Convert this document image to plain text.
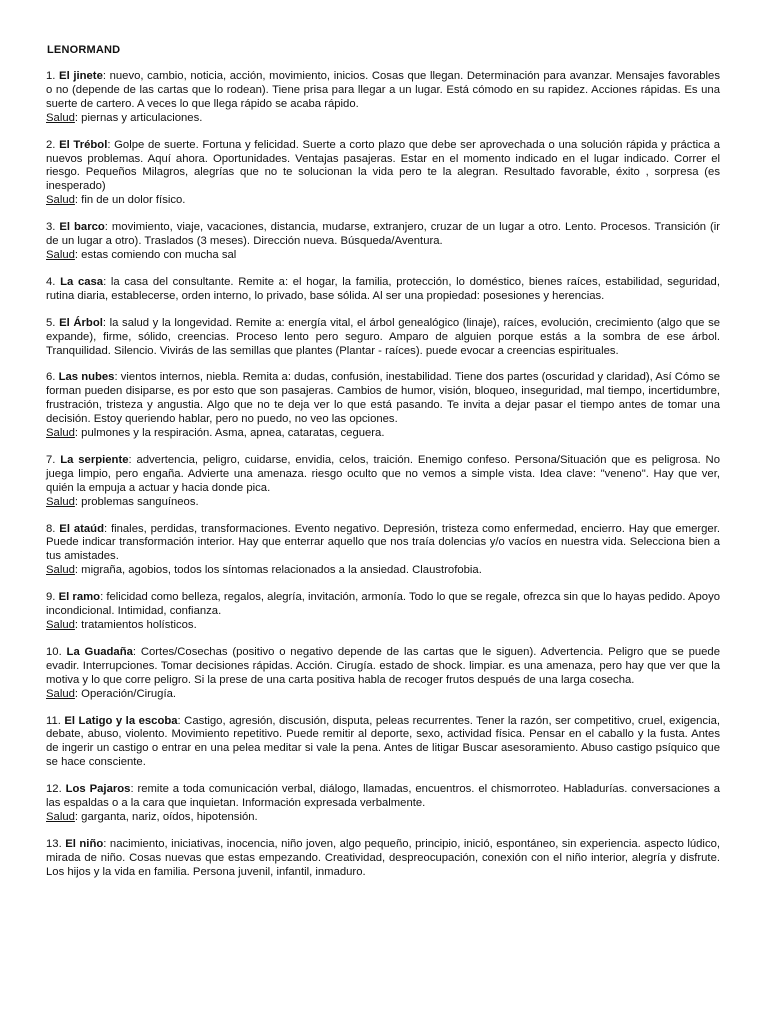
LENORMAND

1. El jinete: nuevo, cambio, noticia, acción, movimiento, inicios. Cosas que llegan. Determinación para avanzar. Mensajes favorables o no (depende de las cartas que lo rodean). Tiene prisa para llegar a un lugar. Está cómodo en su rapidez. Acciones rápidas. Es una suerte de cartero. A veces lo que llega rápido se acaba rápido.

Salud: piernas y articulaciones.

2. El Trébol: Golpe de suerte. Fortuna y felicidad. Suerte a corto plazo que debe ser aprovechada o una solución rápida y práctica a nuevos problemas. Aquí ahora. Oportunidades. Ventajas pasajeras. Estar en el momento indicado en el lugar indicado. Correr el riesgo. Pequeños Milagros, alegrías que no te solucionan la vida pero te la alegran. Resultado favorable, éxito , sorpresa (es inesperado)

Salud: fin de un dolor físico.

3. El barco: movimiento, viaje, vacaciones, distancia, mudarse, extranjero, cruzar de un lugar a otro. Lento. Procesos. Transición (ir de un lugar a otro). Traslados (3 meses). Dirección nueva. Búsqueda/Aventura.

Salud: estas comiendo con mucha sal

4. La casa: la casa del consultante. Remite a: el hogar, la familia, protección, lo doméstico, bienes raíces, estabilidad, seguridad, rutina diaria, establecerse, orden interno, lo privado, base sólida. Al ser una propiedad: posesiones y herencias.

5. El Árbol: la salud y la longevidad. Remite a: energía vital, el árbol genealógico (linaje), raíces, evolución, crecimiento (algo que se expande), firme, sólido, creencias. Proceso lento pero seguro. Amparo de alguien porque estás a la sombra de ese árbol. Tranquilidad. Silencio. Vivirás de las semillas que plantes (Plantar - raíces). puede evocar a creencias espirituales.

6. Las nubes: vientos internos, niebla. Remita a: dudas, confusión, inestabilidad. Tiene dos partes (oscuridad y claridad), Así Cómo se forman pueden disiparse, es por esto que son pasajeras. Cambios de humor, visión, bloqueo, inseguridad, mal tiempo, incertidumbre, frustración, tristeza y angustia. Algo que no te deja ver lo que está pasando. Te invita a dejar pasar el tiempo antes de tomar una decisión. Estoy queriendo hablar, pero no puedo, no veo las opciones.

Salud: pulmones y la respiración. Asma, apnea, cataratas, ceguera.

7. La serpiente: advertencia, peligro, cuidarse, envidia, celos, traición. Enemigo confeso. Persona/Situación que es peligrosa. No juega limpio, pero engaña. Advierte una amenaza. riesgo oculto que no vemos a simple vista. Idea clave: "veneno". Hay que ver, quién la empuja a actuar y hacia donde pica.

Salud: problemas sanguíneos.

8. El ataúd: finales, perdidas, transformaciones. Evento negativo. Depresión, tristeza como enfermedad, encierro. Hay que emerger. Puede indicar transformación interior. Hay que enterrar aquello que nos traía dolencias y/o vacíos en nuestra vida. Selecciona bien a tus amistades.

Salud: migraña, agobios, todos los síntomas relacionados a la ansiedad. Claustrofobia.

9. El ramo: felicidad como belleza, regalos, alegría, invitación, armonía. Todo lo que se regale, ofrezca sin que lo hayas pedido. Apoyo incondicional. Intimidad, confianza.

Salud: tratamientos holísticos.

10. La Guadaña: Cortes/Cosechas (positivo o negativo depende de las cartas que le siguen). Advertencia. Peligro que se puede evadir. Interrupciones. Tomar decisiones rápidas. Acción. Cirugía. estado de shock. limpiar. es una amenaza, pero hay que ver que la motiva y lo que corre peligro. Si la prese de una carta positiva habla de recoger frutos después de una larga cosecha.

Salud: Operación/Cirugía.

11. El Latigo y la escoba: Castigo, agresión, discusión, disputa, peleas recurrentes. Tener la razón, ser competitivo, cruel, exigencia, debate, abuso, violento. Movimiento repetitivo. Puede remitir al deporte, sexo, actividad física. Pensar en el caballo y la fusta. Antes de ingerir un castigo o entrar en una pelea meditar si vale la pena. Antes de litigar Buscar asesoramiento. Abuso castigo psíquico que se hace consciente.

12. Los Pajaros: remite a toda comunicación verbal, diálogo, llamadas, encuentros. el chismorroteo. Habladurías. conversaciones a las espaldas o a la cara que inquietan. Información expresada verbalmente.

Salud: garganta, nariz, oídos, hipotensión.

13. El niño: nacimiento, iniciativas, inocencia, niño joven, algo pequeño, principio, inició, espontáneo, sin experiencia. aspecto lúdico, mirada de niño. Cosas nuevas que estas empezando. Creatividad, despreocupación, conexión con el niño interior, alegría y disfrute. Los hijos y la vida en familia. Persona juvenil, infantil, inmaduro.
